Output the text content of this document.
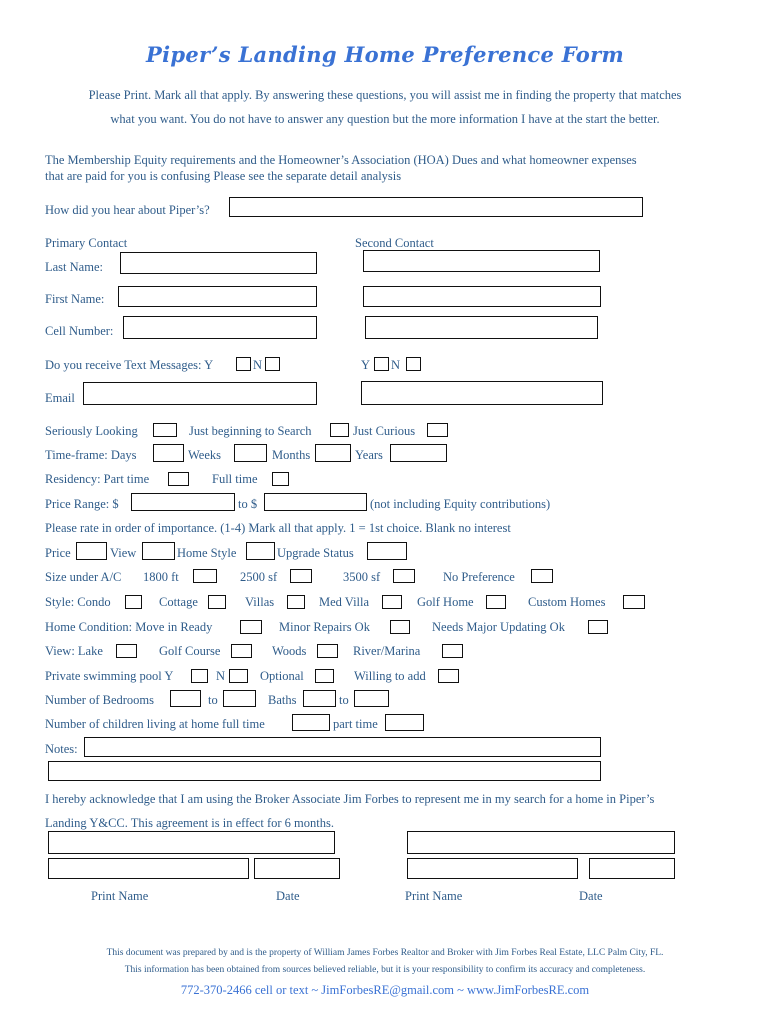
Piper’s Landing Home Preference Form
Please Print. Mark all that apply. By answering these questions, you will assist me in finding the property that matches
what you want. You do not have to answer any question but the more information I have at the start the better.
The Membership Equity requirements and the Homeowner’s Association (HOA) Dues and what homeowner expenses
that are paid for you is confusing Please see the separate detail analysis
How did you hear about Piper’s?
Primary Contact	Second Contact
Last Name:
First Name:
Cell Number:
Do you receive Text Messages: Y	N	Y N
Email
Seriously Looking	Just beginning to Search	Just Curious
Time-frame: Days	Weeks	Months	Years
Residency: Part time	Full time
Price Range: $	to $	(not including Equity contributions)
Please rate in order of importance. (1-4) Mark all that apply. 1 = 1st choice. Blank no interest
Price	View	Home Style	Upgrade Status
Size under A/C 1800 ft	2500 sf	3500 sf	No Preference
Style: Condo	Cottage	Villas	Med Villa	Golf Home	Custom Homes
Home Condition: Move in Ready	Minor Repairs Ok	Needs Major Updating Ok
View: Lake	Golf Course	Woods	River/Marina
Private swimming pool Y	N	Optional	Willing to add
Number of Bedrooms	to	Baths	to
Number of children living at home full time	part time
Notes:
I hereby acknowledge that I am using the Broker Associate Jim Forbes to represent me in my search for a home in Piper’s
Landing Y&CC. This agreement is in effect for 6 months.
Print Name	Date	Print Name	Date
This document was prepared by and is the property of William James Forbes Realtor and Broker with Jim Forbes Real Estate, LLC Palm City, FL.
This information has been obtained from sources believed reliable, but it is your responsibility to confirm its accuracy and completeness.
772-370-2466 cell or text ~ JimForbesRE@gmail.com ~ www.JimForbesRE.com
